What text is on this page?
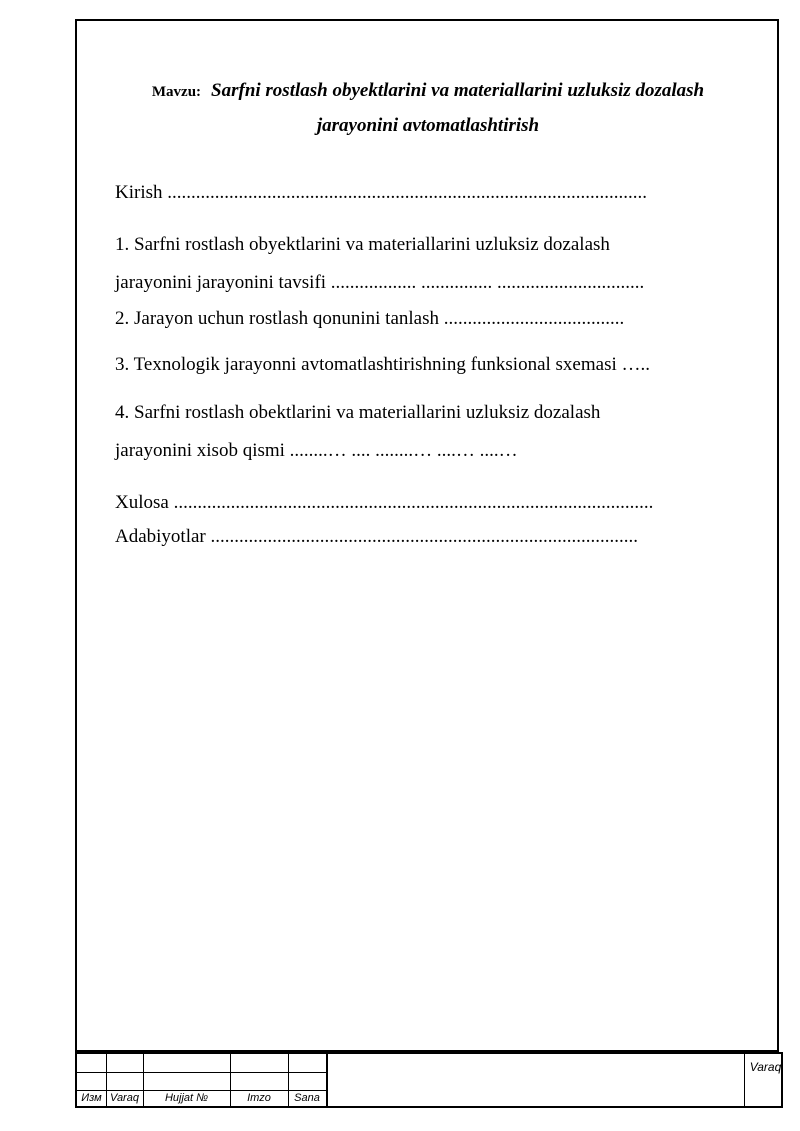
Mavzu: Sarfni rostlash obyektlarini va materiallarini uzluksiz dozalash
jarayonini avtomatlashtirish
Kirish .....................................................................................................
1. Sarfni rostlash obyektlarini va materiallarini uzluksiz dozalash
jarayonini jarayonini tavsifi .................. ............... ...............................
2. Jarayon uchun rostlash qonunini tanlash ......................................
3. Texnologik jarayonni avtomatlashtirishning funksional sxemasi …..
4. Sarfni rostlash obektlarini va materiallarini uzluksiz dozalash
jarayonini xisob qismi ........… .... ........… ....… ....…
Xulosa .....................................................................................................
Adabiyotlar ..........................................................................................
Изм Varaq	Hujjat №	Imzo	Sana
Varaq
